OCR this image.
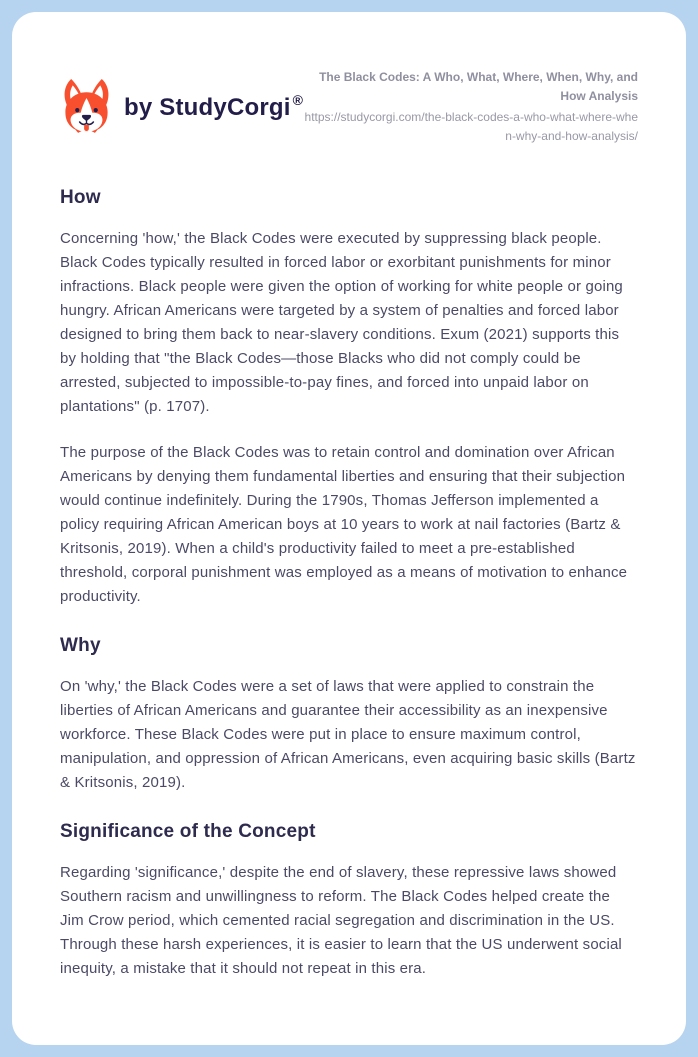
by StudyCorgi ®
The Black Codes: A Who, What, Where, When, Why, and How Analysis
https://studycorgi.com/the-black-codes-a-who-what-where-when-why-and-how-analysis/
How

Concerning 'how,' the Black Codes were executed by suppressing black people. Black Codes typically resulted in forced labor or exorbitant punishments for minor infractions. Black people were given the option of working for white people or going hungry. African Americans were targeted by a system of penalties and forced labor designed to bring them back to near-slavery conditions. Exum (2021) supports this by holding that "the Black Codes—those Blacks who did not comply could be arrested, subjected to impossible-to-pay fines, and forced into unpaid labor on plantations" (p. 1707).

The purpose of the Black Codes was to retain control and domination over African Americans by denying them fundamental liberties and ensuring that their subjection would continue indefinitely. During the 1790s, Thomas Jefferson implemented a policy requiring African American boys at 10 years to work at nail factories (Bartz & Kritsonis, 2019). When a child's productivity failed to meet a pre-established threshold, corporal punishment was employed as a means of motivation to enhance productivity.

Why

On 'why,' the Black Codes were a set of laws that were applied to constrain the liberties of African Americans and guarantee their accessibility as an inexpensive workforce. These Black Codes were put in place to ensure maximum control, manipulation, and oppression of African Americans, even acquiring basic skills (Bartz & Kritsonis, 2019).

Significance of the Concept

Regarding 'significance,' despite the end of slavery, these repressive laws showed Southern racism and unwillingness to reform. The Black Codes helped create the Jim Crow period, which cemented racial segregation and discrimination in the US. Through these harsh experiences, it is easier to learn that the US underwent social inequity, a mistake that it should not repeat in this era.
